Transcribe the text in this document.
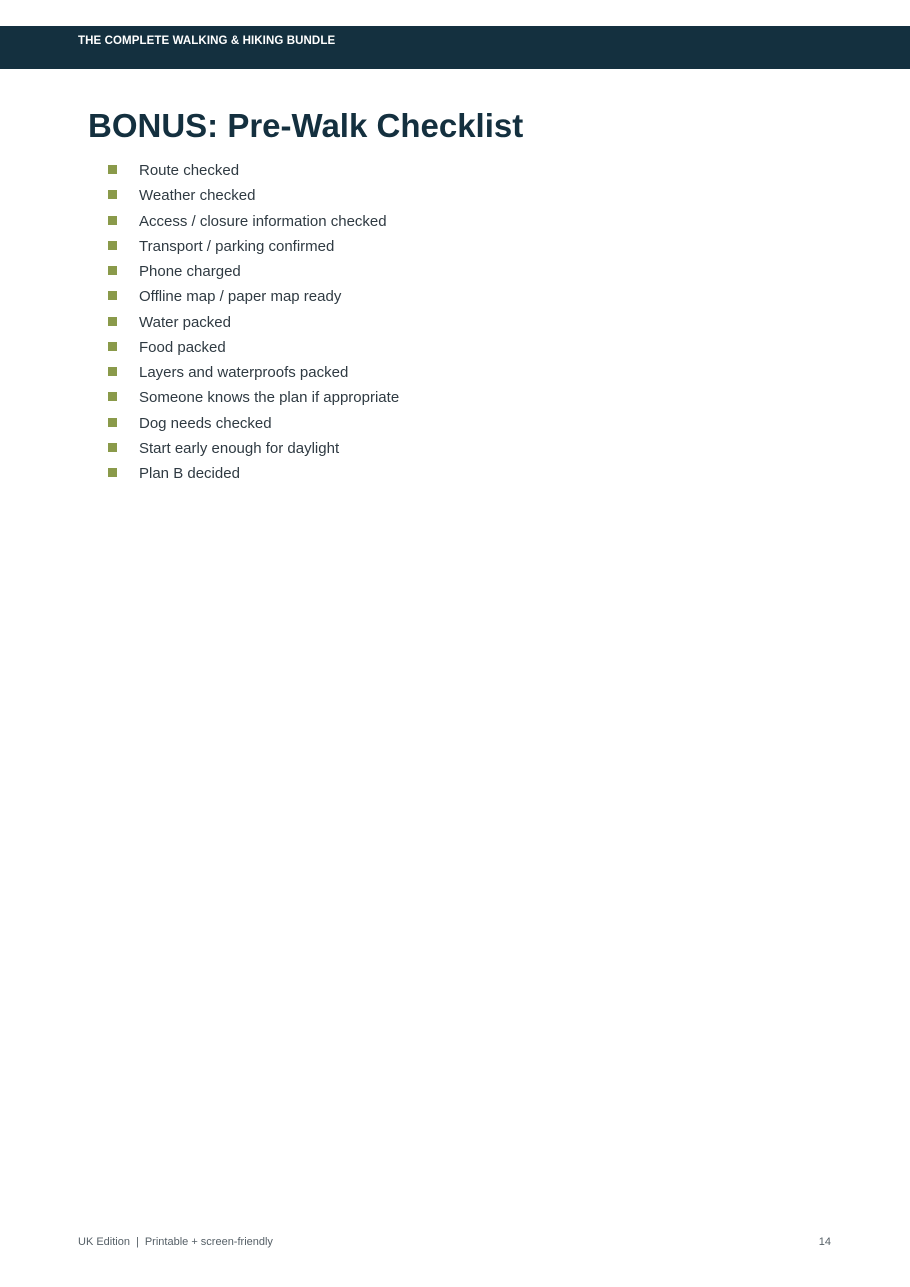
THE COMPLETE WALKING & HIKING BUNDLE
BONUS: Pre-Walk Checklist
Route checked
Weather checked
Access / closure information checked
Transport / parking confirmed
Phone charged
Offline map / paper map ready
Water packed
Food packed
Layers and waterproofs packed
Someone knows the plan if appropriate
Dog needs checked
Start early enough for daylight
Plan B decided
UK Edition | Printable + screen-friendly	14
